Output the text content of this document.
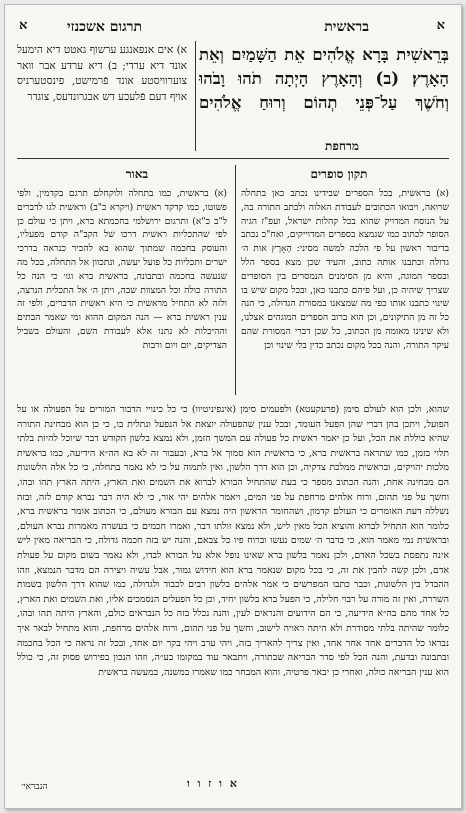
בראשית	א
תרגום אשכנזי
א
בְּרֵאשִׁית בָּרָא אֱלֹהִים אֵת הַשָּׁמַיִם וְאֵת הָאָרֶץ׃ (ב) וְהָאָרֶץ הָיְתָה תֹהוּ וָבֹהוּ וְחֹשֶׁךְ עַל־פְּנֵי תְהוֹם וְרוּחַ אֱלֹהִים
מרחפת
א) אים אנפאנגע ערשוף גאטט דיא הימעל אונד דיא ערדי; ב) דיא ערדע אבר וואר צוערוויסטע אונד פֿרמישט, פינסטערניס אויף דעם פֿלעכע דש אבגרונדעס, צוגדר
תקון סופרים
באור
(א) בראשית, בכל הספרים שבידינו נכתב כאן בתחלה שרואה, ויבואו הכתובים לעבודת האלוה ולכתב התורה בה, על הנוסח המדויק שהוא בכל קהלות ישראל, ועפ"ז הגיה הסופר לכתוב כמו שנמצא בספרים המדוייקים, ואח"כ נכתב בדיבור ראשון על פי הלכה למשה מסיני: הָאָרֶץ אות ה׳ גדולה וכתבנו אותה כתוב, והעיד שכן מצא בספר הלל ובספר המוגה, והיא מן הסימנים הנמסרים בין הסופרים שצריך שיהיה כן, ועל פיהם כתבנו כאן, ובכל מקום שיש בו שינוי כתבנו אותו כפי מה שמצאנו במסורת הגדולה, כי הנה כל זה מן התיקונים, וכן הוא ברוב הספרים המוגהים אצלנו, ולא שינינו מאומה מן הכתוב, כל שכן דברי המסורת שהם עיקר התורה, והנה בכל מקום נכתב כדין בלי שינוי וכן
(א) בראשית, כמו בתחלה ולוקחלם תרגם בקדמין, ולפי פשוטו, כמו קדקד ראשית (ויקרא כ"ב) וראשית לגו לדברים ל"ב כ"א) ותרגום ירושלמי בחכמתא ברא, ויתן כי עולם כן לפי שהתכליות ראשית דרכו של הקב"ה קודם מפעליו, והעוסק בחכמה שמתוך שהוא בא להכיר כנראה בדרכי ישרים ותכליות כל פועל יעשה, ונתכוון אל התחלה, בכל מה שנעשה בחכמה ובתבונה, בראשית ברא וגו׳ כי הנה כל התורה כולה וכל המצוות שבה, ויתן ה׳ אל התכלית הנרצה, ולזה לא התחיל מראשית כי היא ראשית הדברים, ולפי זה ענין ראשית ברא — הנה המקום ההוא ומי שאמר הבתים וההיכלות לא נתנו אלא לעבודת השם, והעולם בשביל הצדיקים, יום ויום ורבות
שהוא, ולכן הוא לעולם סימן (פרעקעטא) ולפעמים סימן (אינפיניטיוו) כי כל כינויי הדבור המורים על הפעולה או על הפועל, ויתכן בהן דברי שהן הפעל העומד, ובכל ענין שהפעולה יוצאת אל הנפעל ונתלית בו, כי כן הוא מבחינת התורה שהיא כוללת את הכל, ועל כן יאמר ראשית כל פעולה עם המשך הזמן, ולא נמצא בלשון הקודש דבר שיוכל להיות בלתי תלוי בזמן, כמו שתראה בראשית ברא, כי בראשית הוא סמוך אל ברא, ובעבור זה לא בא הה״א הידיעה, כמו בראשית מלכות יהויקים, ובראשית ממלכת צדקיה, וכן הוא דרך הלשון, ואין לתמוה על כי לא נאמר בתחלה, כי כל אלה הלשונות הם מבחינה אחת, והנה הכתוב מספר כי בעת שהתחיל הבורא לברוא את השמים ואת הארץ, היתה הארץ תהו ובהו, וחשך על פני תהום, ורוח אלהים מרחפת על פני המים, ויאמר אלהים יהי אור, כי לא היה דבר נברא קודם לזה, ובזה נשללה דעת האומרים כי העולם קדמון, ושהחומר הראשון היה נמצא עם הבורא מעולם, כי הכתוב אומר בראשית ברא, כלומר הוא התחיל לברוא והוציא הכל מאין ליש, ולא נמצא זולתו דבר, ואמרו חכמים כי בעשרה מאמרות נברא העולם, ובראשית נמי מאמר הוא, כי בדבר ה׳ שמים נעשו וברוח פיו כל צבאם, והנה יש בזה חכמה גדולה, כי הבריאה מאין ליש אינה נתפסת בשכל האדם, ולכן נאמר בלשון ברא שאינו נופל אלא על הבורא לבדו, ולא נאמר בשום מקום על פעולת אדם, ולכן קשה להבין את זה, כי בכל מקום שנאמר ברא הוא חידוש גמור, אבל עשיה ויצירה הם מדבר הנמצא, וזהו ההבדל בין הלשונות, וכבר כתבו המפרשים כי אמר אלהים בלשון רבים לכבוד ולגדולה, כמו שהוא דרך הלשון בשמות השררה, ואין זה מורה על רבוי חלילה, כי הפעל ברא בלשון יחיד, וכן כל הפעלים הנסמכים אליו, ואת השמים ואת הארץ, כל אחד מהם בה״א הידיעה, כי הם הידועים והנראים לעין, והנה נכלל בזה כל הנבראים כולם, והארץ היתה תהו ובהו, כלומר שהיתה בלתי מסודרת ולא היתה ראויה לישוב, וחשך על פני תהום, ורוח אלהים מרחפת, והוא מתחיל לבאר איך נבראו כל הדברים אחד אחר אחד, ואין צריך להאריך בזה, ויהי ערב ויהי בקר יום אחד, ובכל זה נראה כי הכל בחכמה ובתבונה ובדעת, והנה הכל לפי סדר הבריאה שבתורה, ויתבאר עוד במקומו בע״ה, וזהו הנכון בפירוש פסוק זה, כי כולל הוא ענין הבריאה כולה, ואחרי כן יבאר פרטיה, והוא המבחר כמו שאמרו במשנה, במעשה בראשית
א ו ז ו ו
הנבראי׳
